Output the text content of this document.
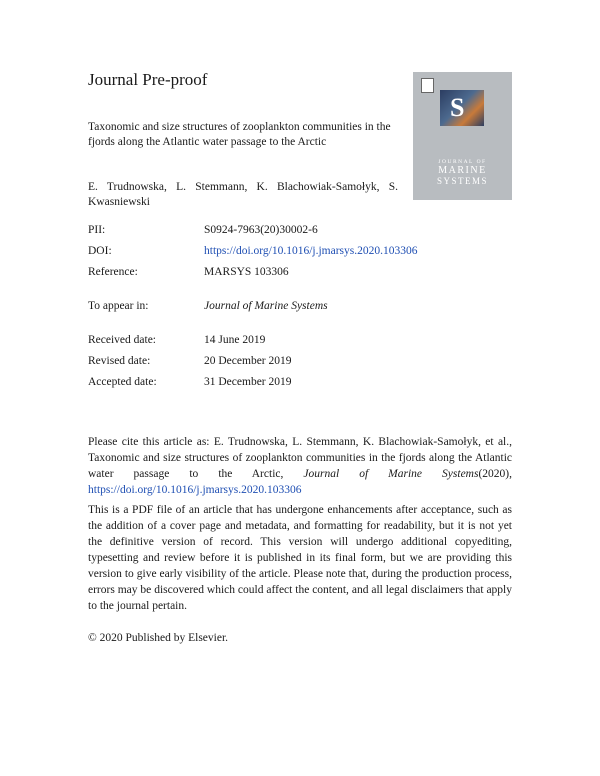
Journal Pre-proof
Taxonomic and size structures of zooplankton communities in the fjords along the Atlantic water passage to the Arctic
E. Trudnowska, L. Stemmann, K. Blachowiak-Samołyk, S. Kwasniewski
S
JOURNAL OF
MARINE
SYSTEMS
PII:	S0924-7963(20)30002-6
DOI:	https://doi.org/10.1016/j.jmarsys.2020.103306
Reference:	MARSYS 103306
To appear in:	Journal of Marine Systems
Received date:	14 June 2019
Revised date:	20 December 2019
Accepted date:	31 December 2019
Please cite this article as: E. Trudnowska, L. Stemmann, K. Blachowiak-Samołyk, et al., Taxonomic and size structures of zooplankton communities in the fjords along the Atlantic water passage to the Arctic, Journal of Marine Systems(2020), https://doi.org/10.1016/j.jmarsys.2020.103306
This is a PDF file of an article that has undergone enhancements after acceptance, such as the addition of a cover page and metadata, and formatting for readability, but it is not yet the definitive version of record. This version will undergo additional copyediting, typesetting and review before it is published in its final form, but we are providing this version to give early visibility of the article. Please note that, during the production process, errors may be discovered which could affect the content, and all legal disclaimers that apply to the journal pertain.
© 2020 Published by Elsevier.
